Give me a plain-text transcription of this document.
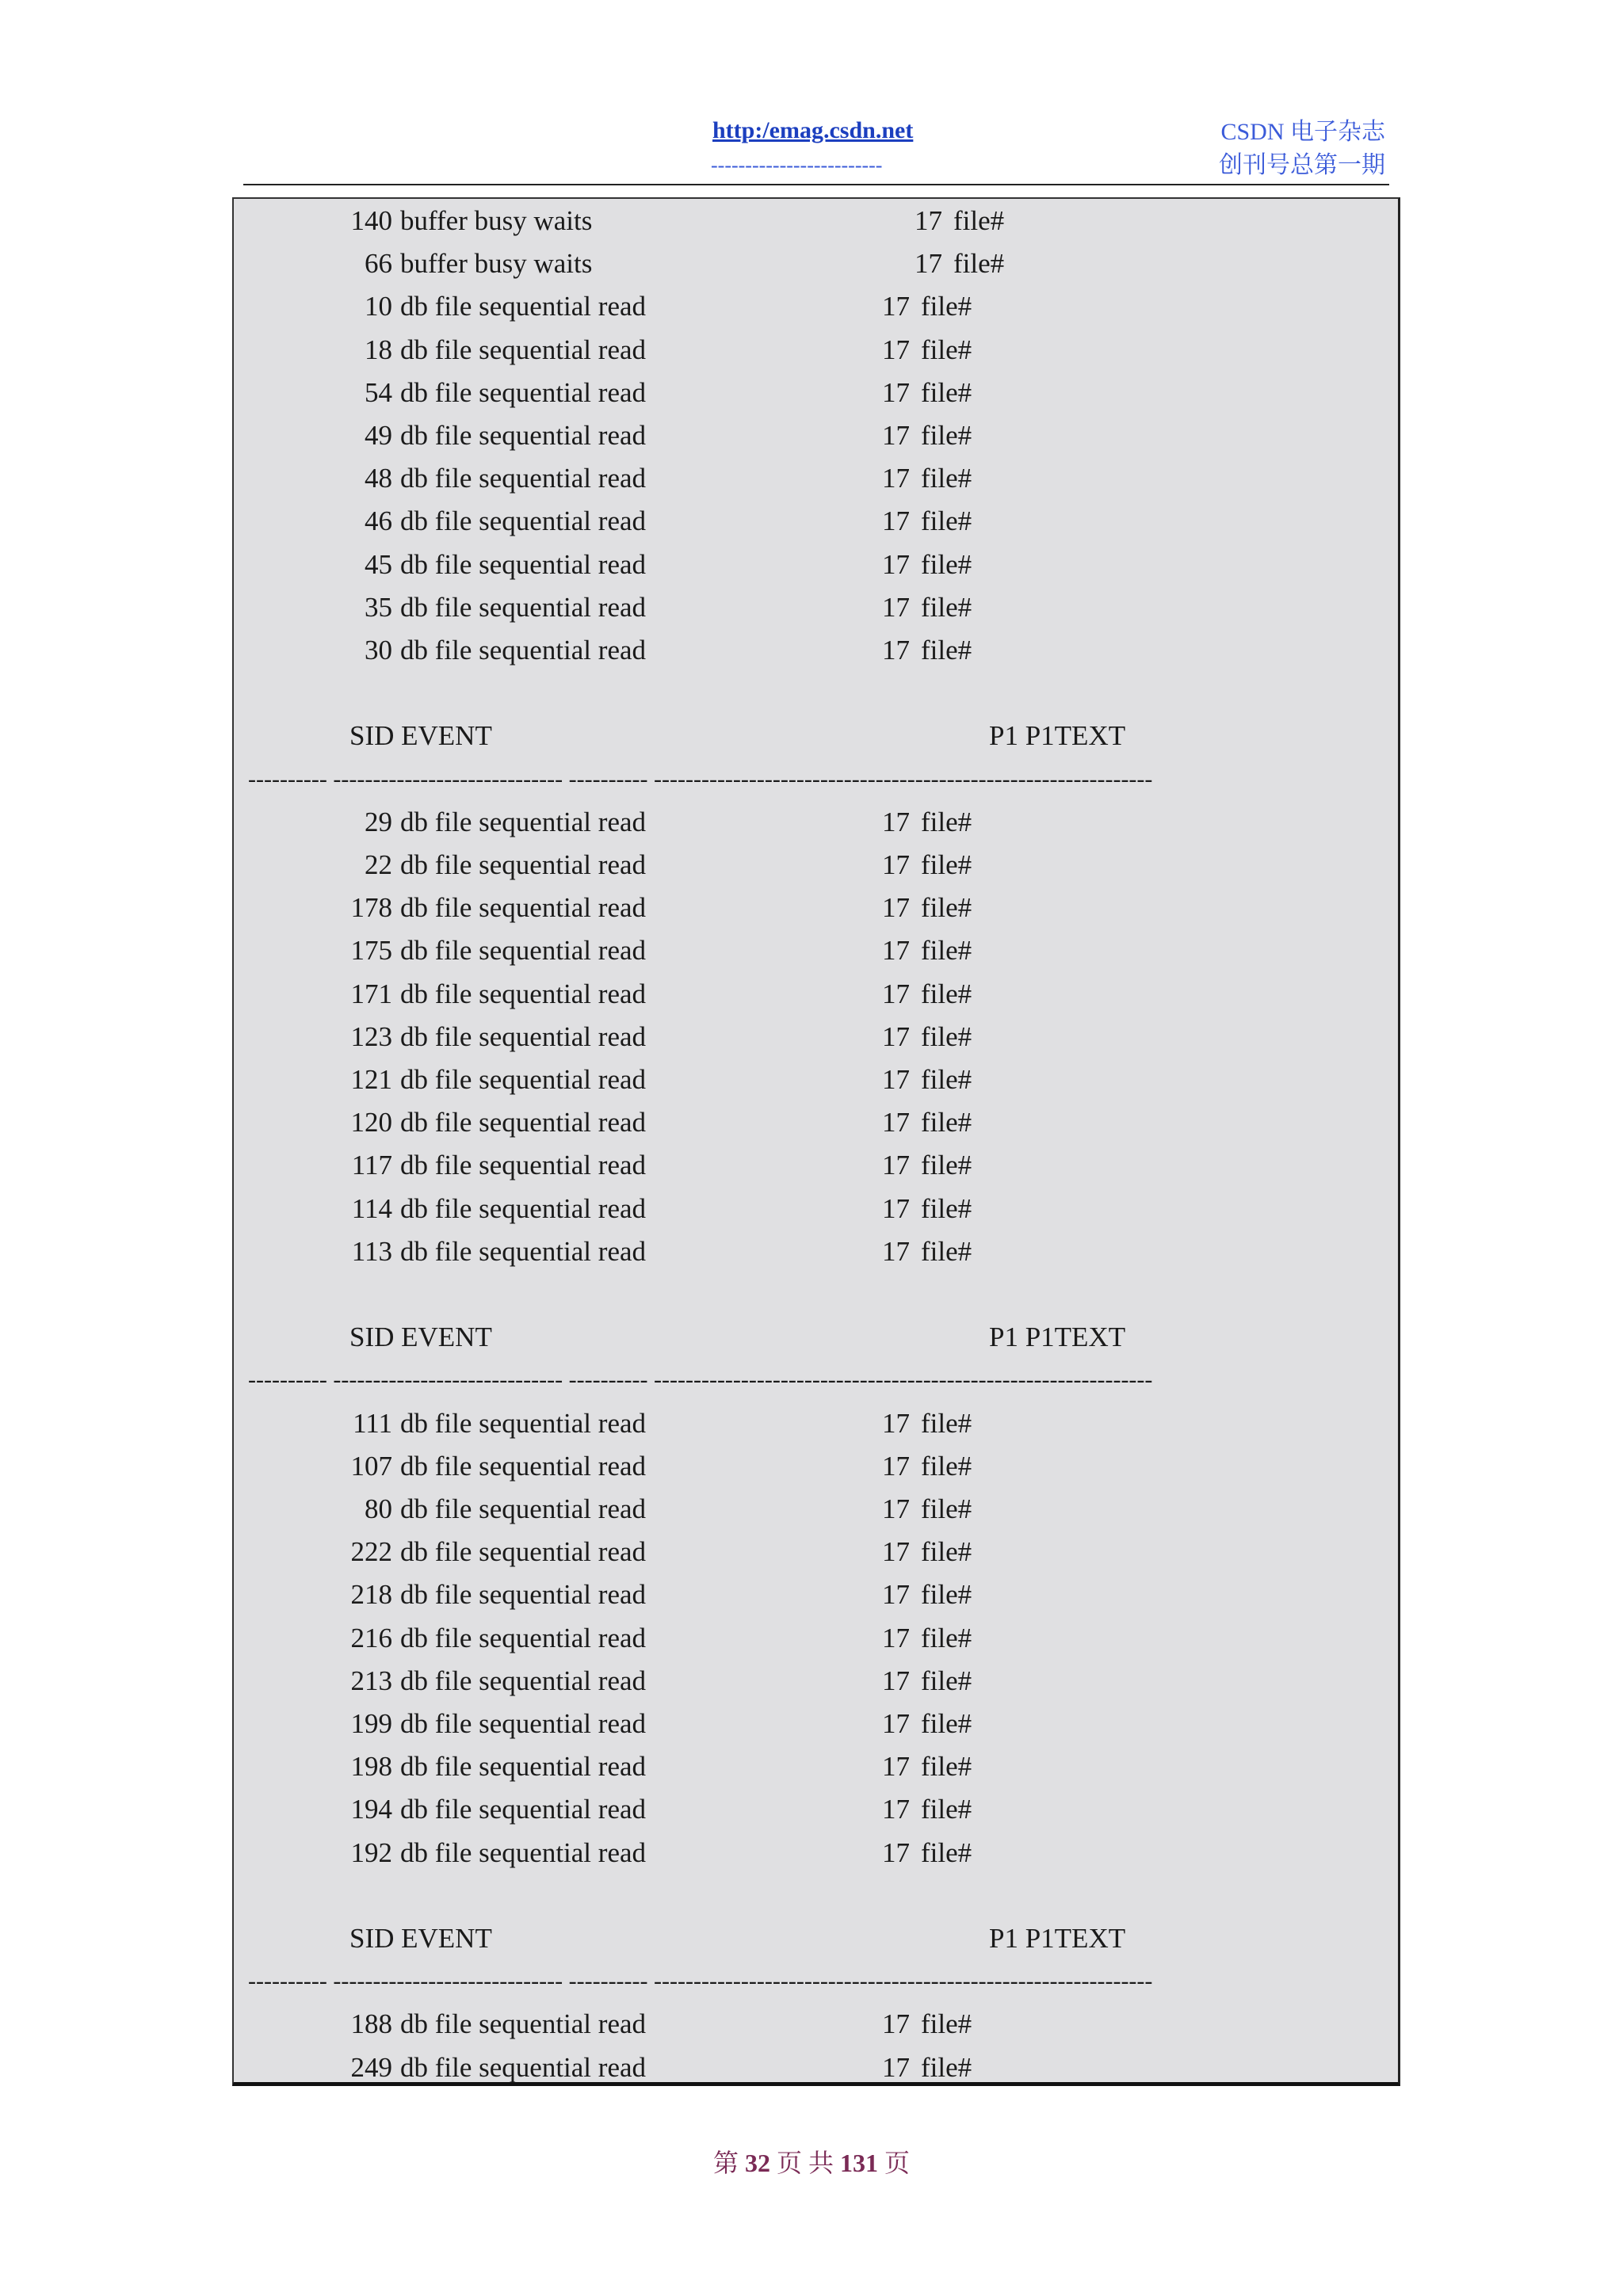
http:/emag.csdn.net
-------------------------
CSDN 电子杂志
创刊号总第一期
140 buffer busy waits	17 file#
66 buffer busy waits	17 file#
10 db file sequential read	17 file#
18 db file sequential read	17 file#
54 db file sequential read	17 file#
49 db file sequential read	17 file#
48 db file sequential read	17 file#
46 db file sequential read	17 file#
45 db file sequential read	17 file#
35 db file sequential read	17 file#
30 db file sequential read	17 file#
SID EVENT	P1 P1TEXT
---------- ----------------------------- ---------- ---------------------------------------------------------------
29 db file sequential read	17 file#
22 db file sequential read	17 file#
178 db file sequential read	17 file#
175 db file sequential read	17 file#
171 db file sequential read	17 file#
123 db file sequential read	17 file#
121 db file sequential read	17 file#
120 db file sequential read	17 file#
117 db file sequential read	17 file#
114 db file sequential read	17 file#
113 db file sequential read	17 file#
SID EVENT	P1 P1TEXT
---------- ----------------------------- ---------- ---------------------------------------------------------------
111 db file sequential read	17 file#
107 db file sequential read	17 file#
80 db file sequential read	17 file#
222 db file sequential read	17 file#
218 db file sequential read	17 file#
216 db file sequential read	17 file#
213 db file sequential read	17 file#
199 db file sequential read	17 file#
198 db file sequential read	17 file#
194 db file sequential read	17 file#
192 db file sequential read	17 file#
SID EVENT	P1 P1TEXT
---------- ----------------------------- ---------- ---------------------------------------------------------------
188 db file sequential read	17 file#
249 db file sequential read	17 file#
第 32 页 共 131 页
